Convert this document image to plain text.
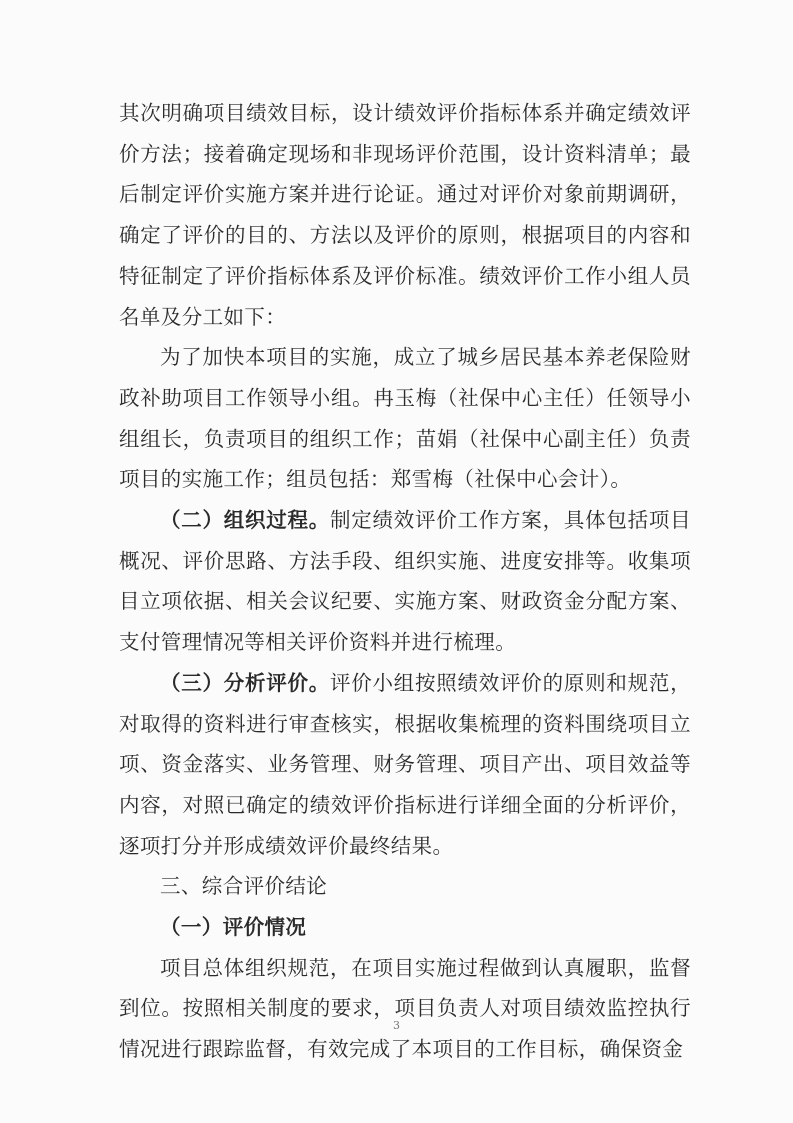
其次明确项目绩效目标，设计绩效评价指标体系并确定绩效评价方法；接着确定现场和非现场评价范围，设计资料清单；最后制定评价实施方案并进行论证。通过对评价对象前期调研，确定了评价的目的、方法以及评价的原则，根据项目的内容和特征制定了评价指标体系及评价标准。绩效评价工作小组人员名单及分工如下：

为了加快本项目的实施，成立了城乡居民基本养老保险财政补助项目工作领导小组。冉玉梅（社保中心主任）任领导小组组长，负责项目的组织工作；苗娟（社保中心副主任）负责项目的实施工作；组员包括：郑雪梅（社保中心会计）。

（二）组织过程。制定绩效评价工作方案，具体包括项目概况、评价思路、方法手段、组织实施、进度安排等。收集项目立项依据、相关会议纪要、实施方案、财政资金分配方案、支付管理情况等相关评价资料并进行梳理。

（三）分析评价。评价小组按照绩效评价的原则和规范，对取得的资料进行审查核实，根据收集梳理的资料围绕项目立项、资金落实、业务管理、财务管理、项目产出、项目效益等内容，对照已确定的绩效评价指标进行详细全面的分析评价，逐项打分并形成绩效评价最终结果。

三、综合评价结论

（一）评价情况

项目总体组织规范，在项目实施过程做到认真履职，监督到位。按照相关制度的要求，项目负责人对项目绩效监控执行情况进行跟踪监督，有效完成了本项目的工作目标，确保资金

3
